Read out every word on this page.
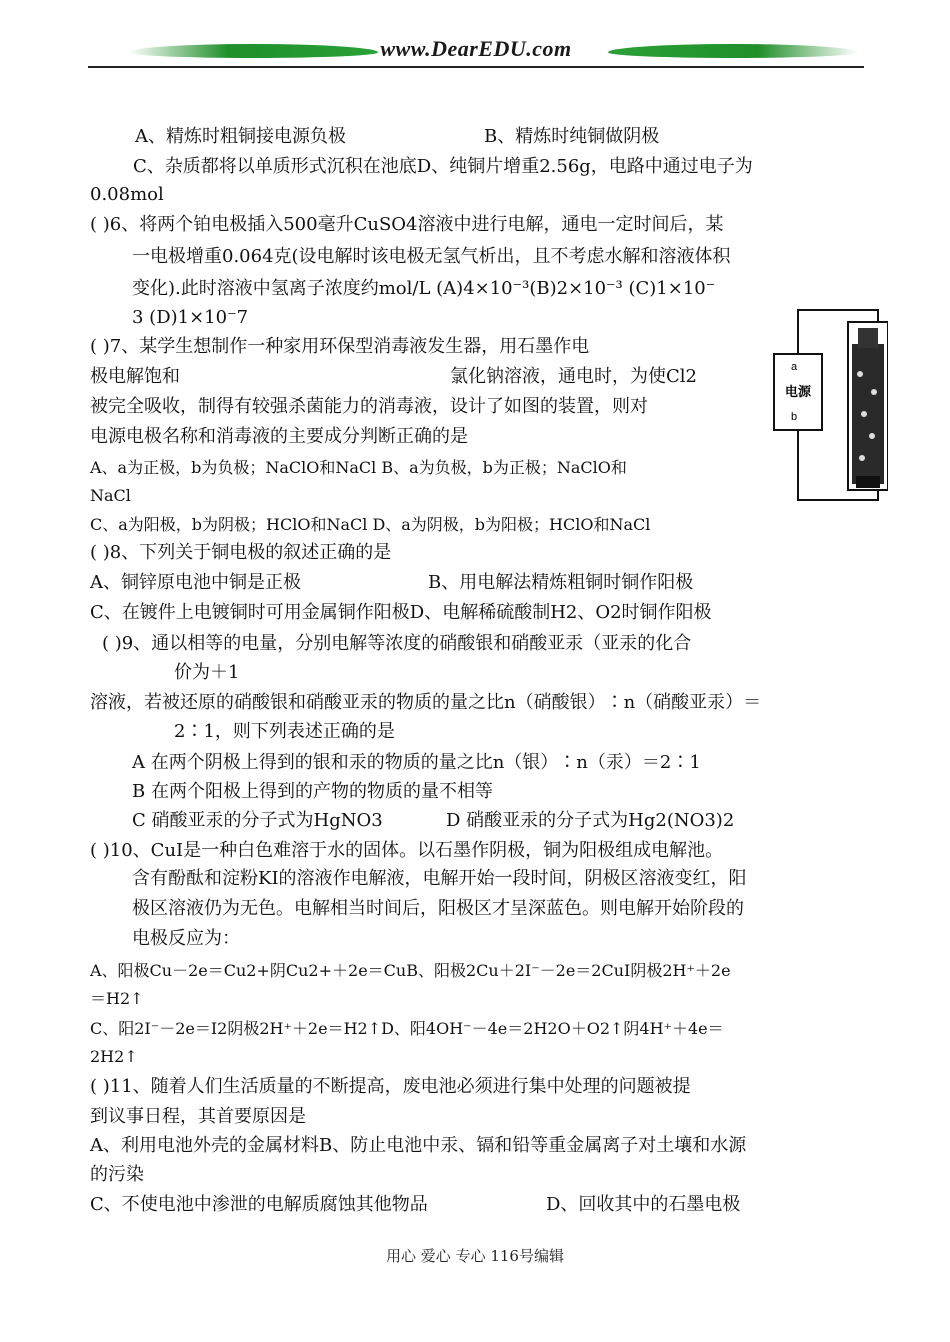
www.DearEDU.com
A、精炼时粗铜接电源负极	B、精炼时纯铜做阴极
C、杂质都将以单质形式沉积在池底D、纯铜片增重2.56g，电路中通过电子为
0.08mol
( )6、将两个铂电极插入500毫升CuSO4溶液中进行电解，通电一定时间后，某
一电极增重0.064克(设电解时该电极无氢气析出，且不考虑水解和溶液体积
变化).此时溶液中氢离子浓度约mol/L (A)4×10⁻³(B)2×10⁻³ (C)1×10⁻
3 (D)1×10⁻7
( )7、某学生想制作一种家用环保型消毒液发生器，用石墨作电
极电解饱和	氯化钠溶液，通电时，为使Cl2
被完全吸收，制得有较强杀菌能力的消毒液，设计了如图的装置，则对
电源电极名称和消毒液的主要成分判断正确的是
A、a为正极，b为负极；NaClO和NaCl B、a为负极，b为正极；NaClO和
NaCl
C、a为阳极，b为阴极；HClO和NaCl D、a为阴极，b为阳极；HClO和NaCl
( )8、下列关于铜电极的叙述正确的是
A、铜锌原电池中铜是正极	B、用电解法精炼粗铜时铜作阳极
C、在镀件上电镀铜时可用金属铜作阳极D、电解稀硫酸制H2、O2时铜作阳极
( )9、通以相等的电量，分别电解等浓度的硝酸银和硝酸亚汞（亚汞的化合
价为＋1
溶液，若被还原的硝酸银和硝酸亚汞的物质的量之比n（硝酸银）∶n（硝酸亚汞）＝
2∶1，则下列表述正确的是
A 在两个阴极上得到的银和汞的物质的量之比n（银）∶n（汞）＝2∶1
B 在两个阳极上得到的产物的物质的量不相等
C 硝酸亚汞的分子式为HgNO3	D 硝酸亚汞的分子式为Hg2(NO3)2
( )10、CuI是一种白色难溶于水的固体。以石墨作阴极，铜为阳极组成电解池。
含有酚酞和淀粉KI的溶液作电解液，电解开始一段时间，阴极区溶液变红，阳
极区溶液仍为无色。电解相当时间后，阳极区才呈深蓝色。则电解开始阶段的
电极反应为：
A、阳极Cu－2e＝Cu2+阴Cu2+＋2e＝CuB、阳极2Cu＋2I⁻－2e＝2CuI阴极2H⁺＋2e
＝H2↑
C、阳2I⁻－2e＝I2阴极2H⁺＋2e＝H2↑D、阳4OH⁻－4e＝2H2O＋O2↑阴4H⁺＋4e＝
2H2↑
( )11、随着人们生活质量的不断提高，废电池必须进行集中处理的问题被提
到议事日程，其首要原因是
A、利用电池外壳的金属材料B、防止电池中汞、镉和铅等重金属离子对土壤和水源
的污染
C、不使电池中渗泄的电解质腐蚀其他物品	D、回收其中的石墨电极
a
电源
b
用心 爱心 专心 116号编辑
